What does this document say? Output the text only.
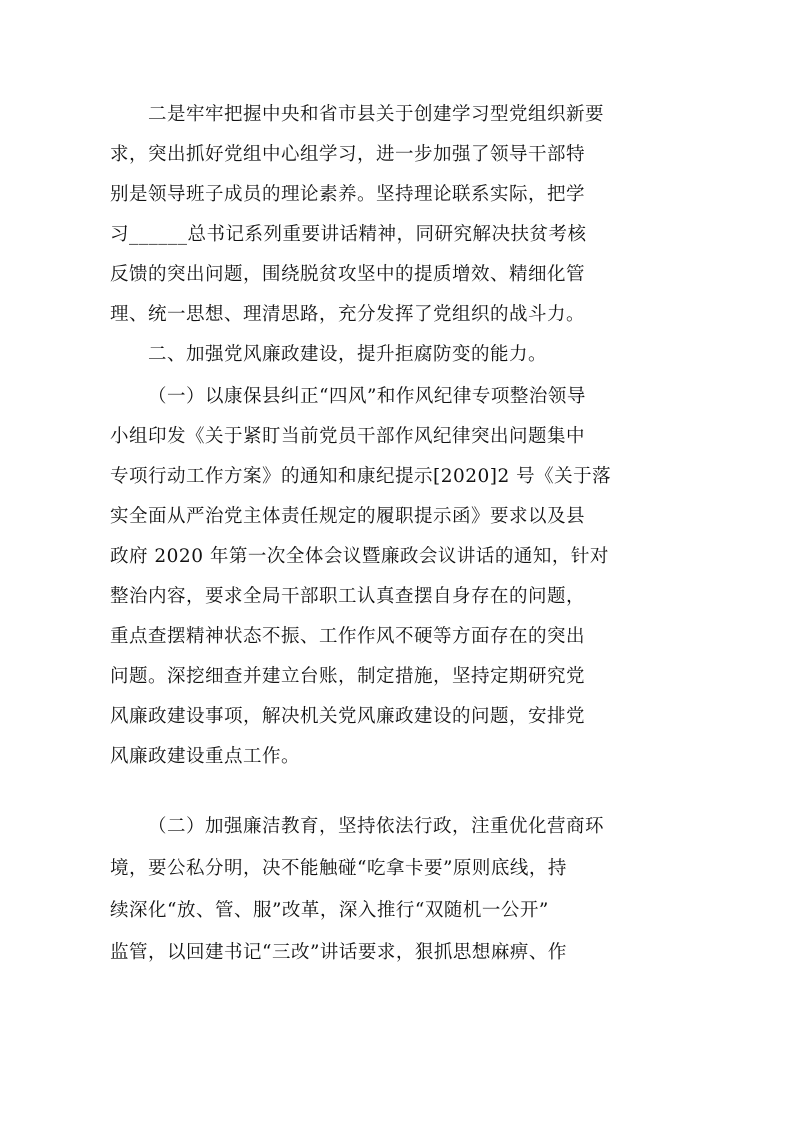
二是牢牢把握中央和省市县关于创建学习型党组织新要
求，突出抓好党组中心组学习，进一步加强了领导干部特
别是领导班子成员的理论素养。坚持理论联系实际，把学
习______总书记系列重要讲话精神，同研究解决扶贫考核
反馈的突出问题，围绕脱贫攻坚中的提质增效、精细化管
理、统一思想、理清思路，充分发挥了党组织的战斗力。
二、加强党风廉政建设，提升拒腐防变的能力。
（一）以康保县纠正“四风”和作风纪律专项整治领导
小组印发《关于紧盯当前党员干部作风纪律突出问题集中
专项行动工作方案》的通知和康纪提示[2020]2 号《关于落
实全面从严治党主体责任规定的履职提示函》要求以及县
政府 2020 年第一次全体会议暨廉政会议讲话的通知，针对
整治内容，要求全局干部职工认真查摆自身存在的问题，
重点查摆精神状态不振、工作作风不硬等方面存在的突出
问题。深挖细查并建立台账，制定措施，坚持定期研究党
风廉政建设事项，解决机关党风廉政建设的问题，安排党
风廉政建设重点工作。
（二）加强廉洁教育，坚持依法行政，注重优化营商环
境，要公私分明，决不能触碰“吃拿卡要”原则底线，持
续深化“放、管、服”改革，深入推行“双随机一公开”
监管，以回建书记“三改”讲话要求，狠抓思想麻痹、作
